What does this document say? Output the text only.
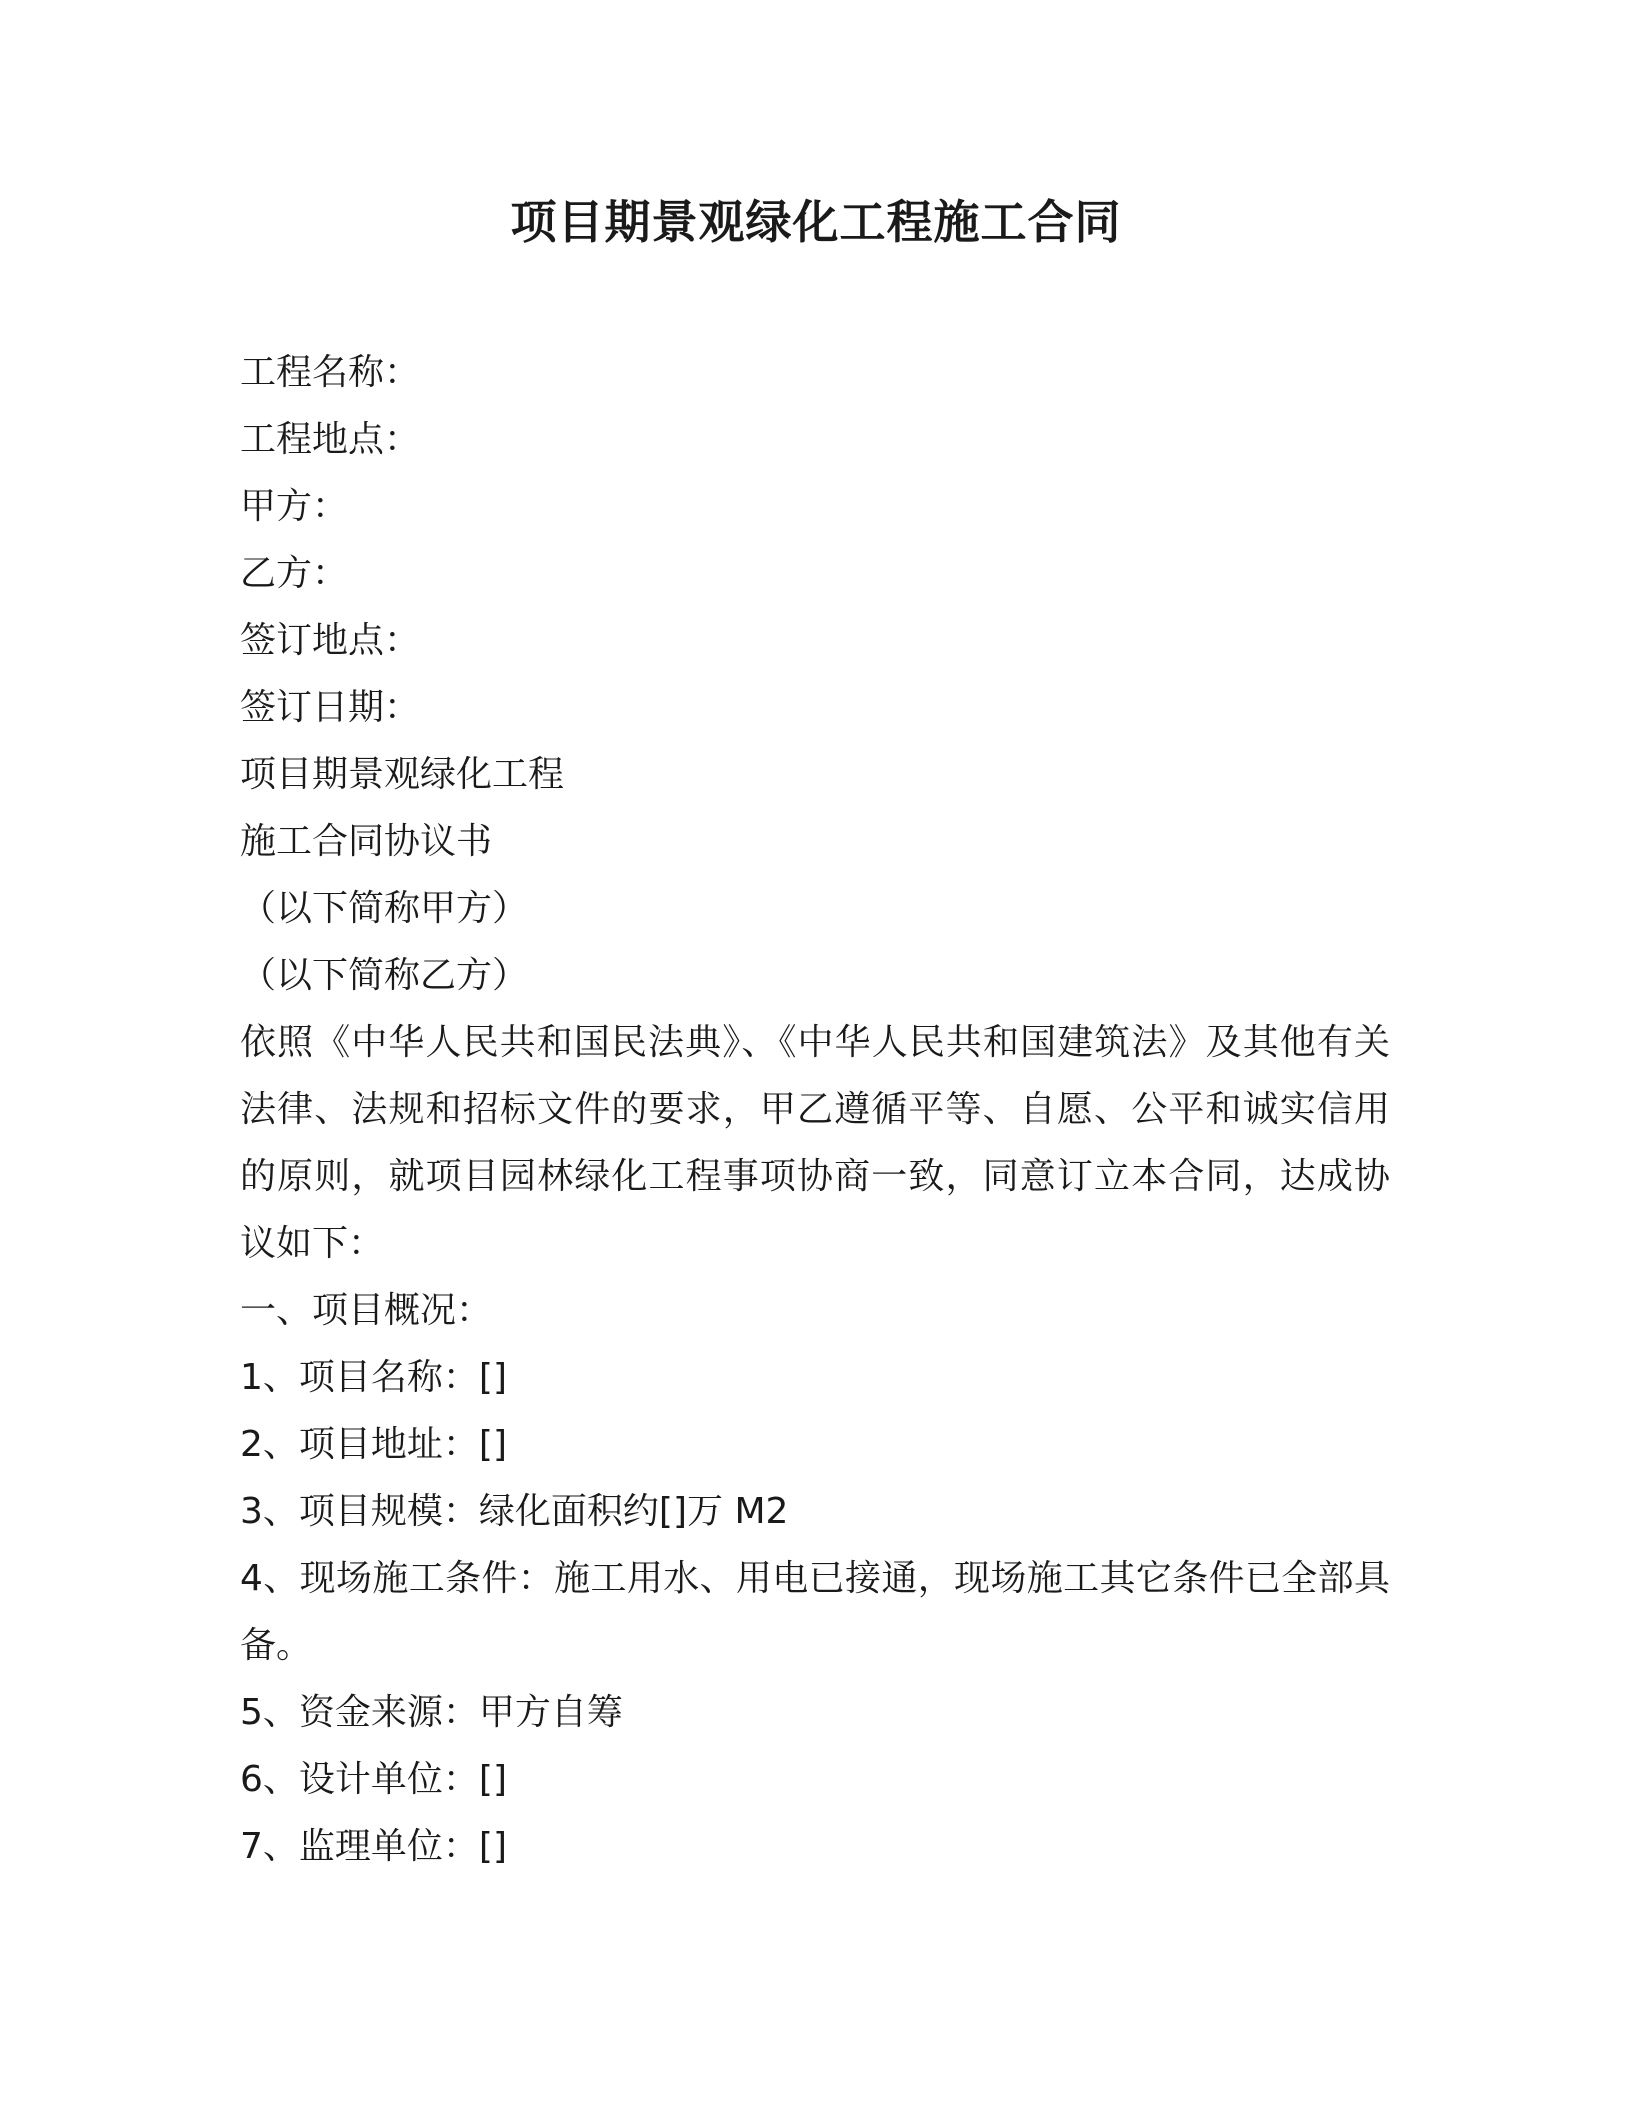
项目期景观绿化工程施工合同

工程名称：

工程地点：

甲方：

乙方：

签订地点：

签订日期：

项目期景观绿化工程

施工合同协议书

（以下简称甲方）

（以下简称乙方）

依照《中华人民共和国民法典》、《中华人民共和国建筑法》及其他有关法律、法规和招标文件的要求，甲乙遵循平等、自愿、公平和诚实信用的原则，就项目园林绿化工程事项协商一致，同意订立本合同，达成协议如下：

一、项目概况：

1、项目名称：[]

2、项目地址：[]

3、项目规模：绿化面积约[]万 M2

4、现场施工条件：施工用水、用电已接通，现场施工其它条件已全部具备。

5、资金来源：甲方自筹

6、设计单位：[]

7、监理单位：[]
